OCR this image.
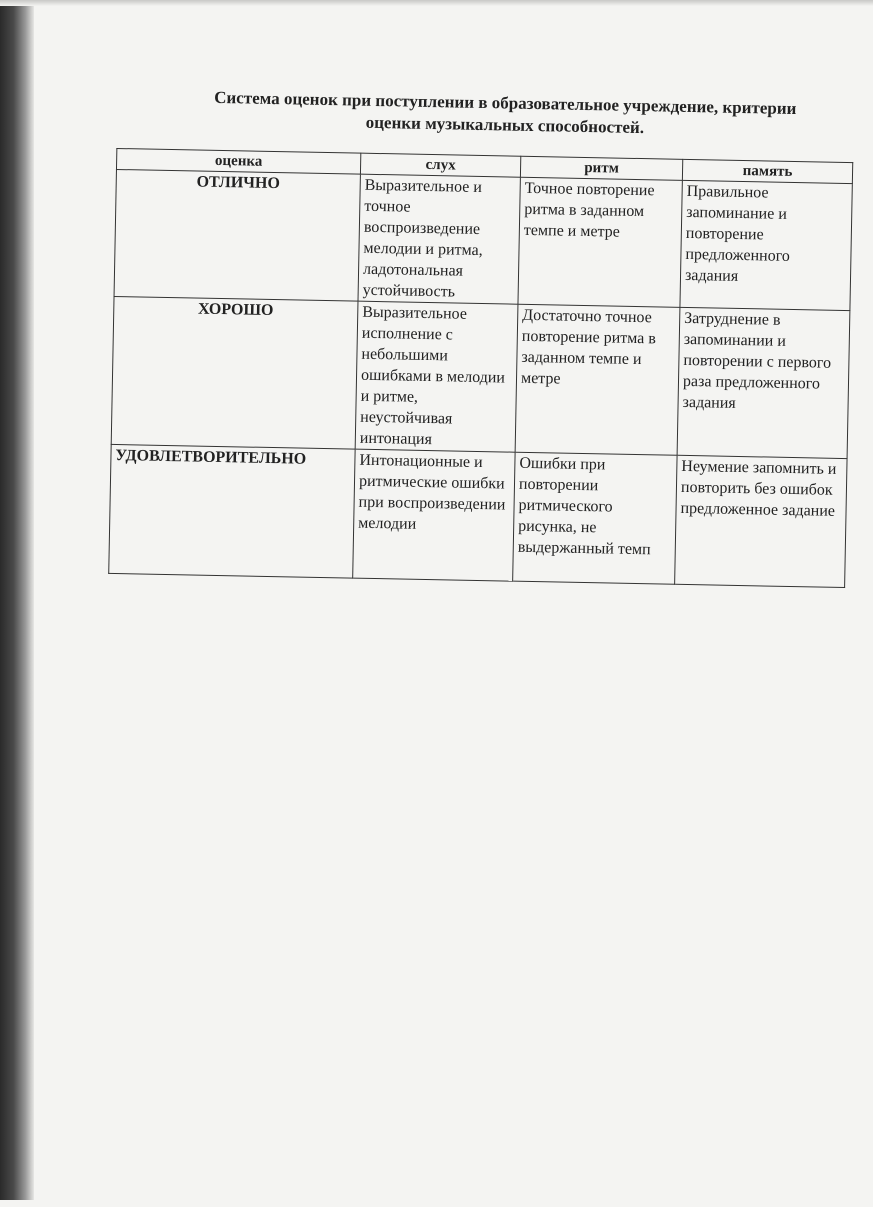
Система оценок при поступлении в образовательное учреждение, критерии
оценки музыкальных способностей.
оценка	слух	ритм	память
ОТЛИЧНО	Выразительное и точное воспроизведение мелодии и ритма, ладотональная устойчивость	Точное повторение ритма в заданном темпе и метре	Правильное запоминание и повторение предложенного задания
ХОРОШО	Выразительное исполнение с небольшими ошибками в мелодии и ритме, неустойчивая интонация	Достаточно точное повторение ритма в заданном темпе и метре	Затруднение в запоминании и повторении с первого раза предложенного задания
УДОВЛЕТВОРИТЕЛЬНО	Интонационные и ритмические ошибки при воспроизведении мелодии	Ошибки при повторении ритмического рисунка, не выдержанный темп	Неумение запомнить и повторить без ошибок предложенное задание
